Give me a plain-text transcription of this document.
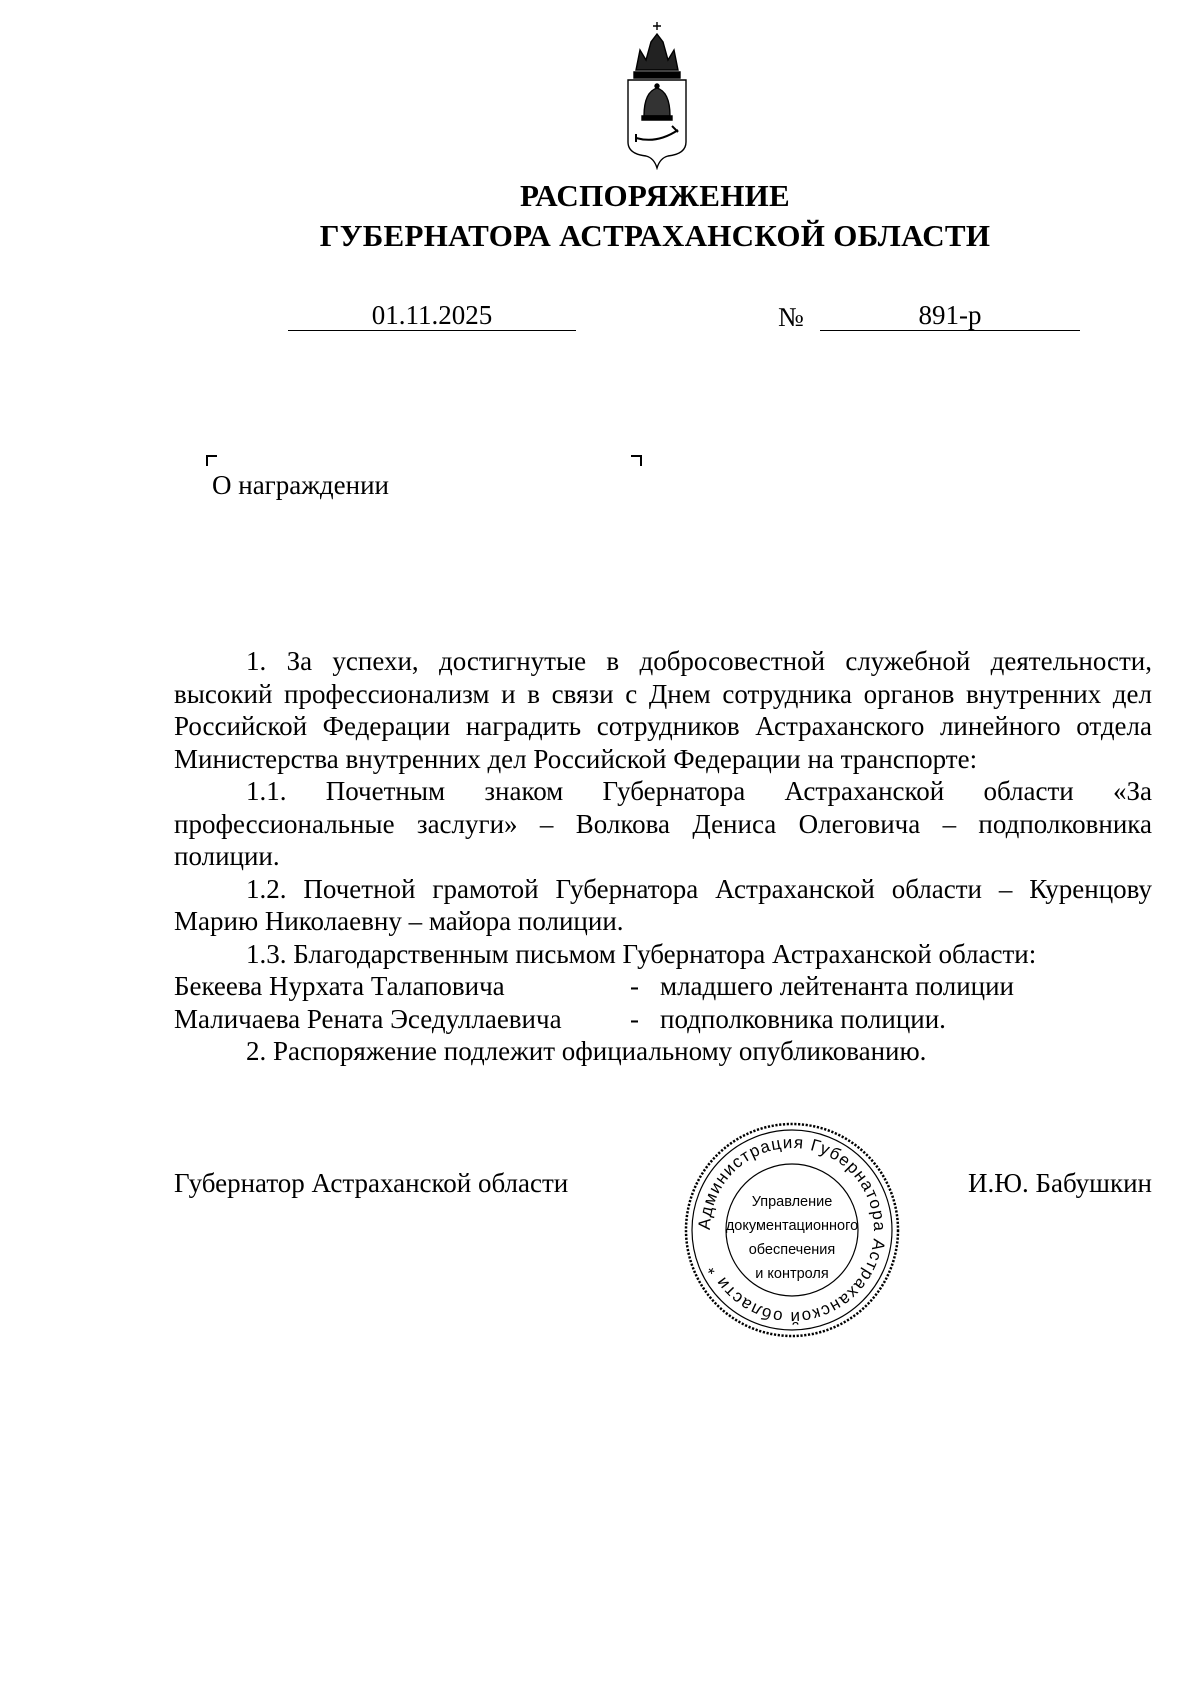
РАСПОРЯЖЕНИЕ
ГУБЕРНАТОРА АСТРАХАНСКОЙ ОБЛАСТИ
01.11.2025	№	891-р
О награждении

1. За успехи, достигнутые в добросовестной служебной деятельности, высокий профессионализм и в связи с Днем сотрудника органов внутренних дел Российской Федерации наградить сотрудников Астраханского линейного отдела Министерства внутренних дел Российской Федерации на транспорте:

1.1. Почетным знаком Губернатора Астраханской области «За

профессиональные заслуги» – Волкова Дениса Олеговича – подполковника полиции.

1.2. Почетной грамотой Губернатора Астраханской области – Куренцову Марию Николаевну – майора полиции.

1.3. Благодарственным письмом Губернатора Астраханской области:

Бекеева Нурхата Талаповича	- младшего лейтенанта полиции
Маличаева Рената Эседуллаевича	- подполковника полиции.

2. Распоряжение подлежит официальному опубликованию.

Губернатор Астраханской области	И.Ю. Бабушкин
Администрация Губернатора Астраханской области *
Управление
документационного
обеспечения
и контроля
